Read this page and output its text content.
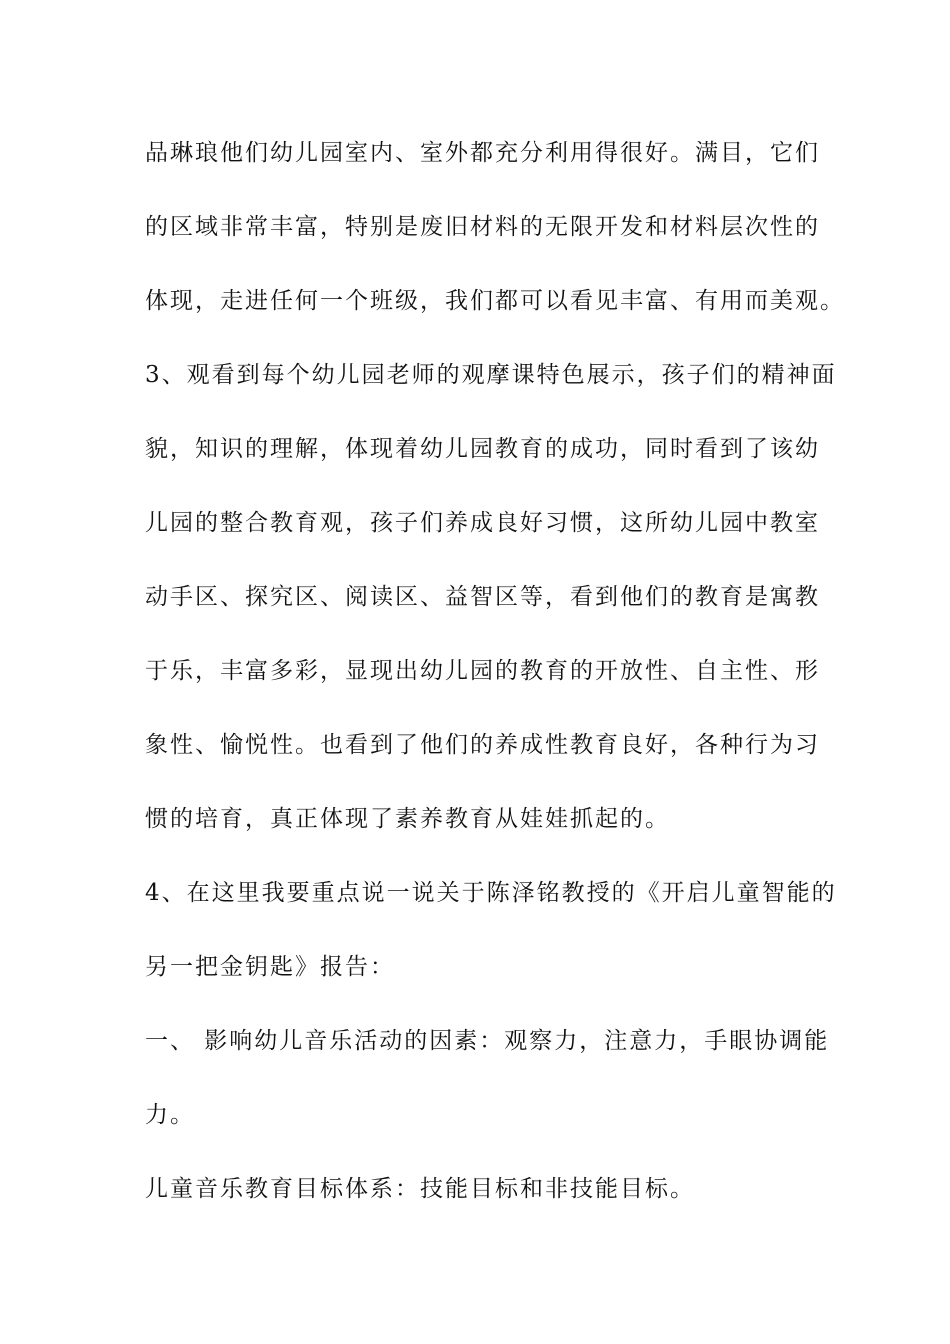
品琳琅他们幼儿园室内、室外都充分利用得很好。满目，它们
的区域非常丰富，特别是废旧材料的无限开发和材料层次性的
体现，走进任何一个班级，我们都可以看见丰富、有用而美观。
3、观看到每个幼儿园老师的观摩课特色展示，孩子们的精神面
貌，知识的理解，体现着幼儿园教育的成功，同时看到了该幼
儿园的整合教育观，孩子们养成良好习惯，这所幼儿园中教室
动手区、探究区、阅读区、益智区等，看到他们的教育是寓教
于乐，丰富多彩，显现出幼儿园的教育的开放性、自主性、形
象性、愉悦性。也看到了他们的养成性教育良好，各种行为习
惯的培育，真正体现了素养教育从娃娃抓起的。
4、在这里我要重点说一说关于陈泽铭教授的《开启儿童智能的
另一把金钥匙》报告：
一、 影响幼儿音乐活动的因素：观察力，注意力，手眼协调能
力。
儿童音乐教育目标体系：技能目标和非技能目标。
